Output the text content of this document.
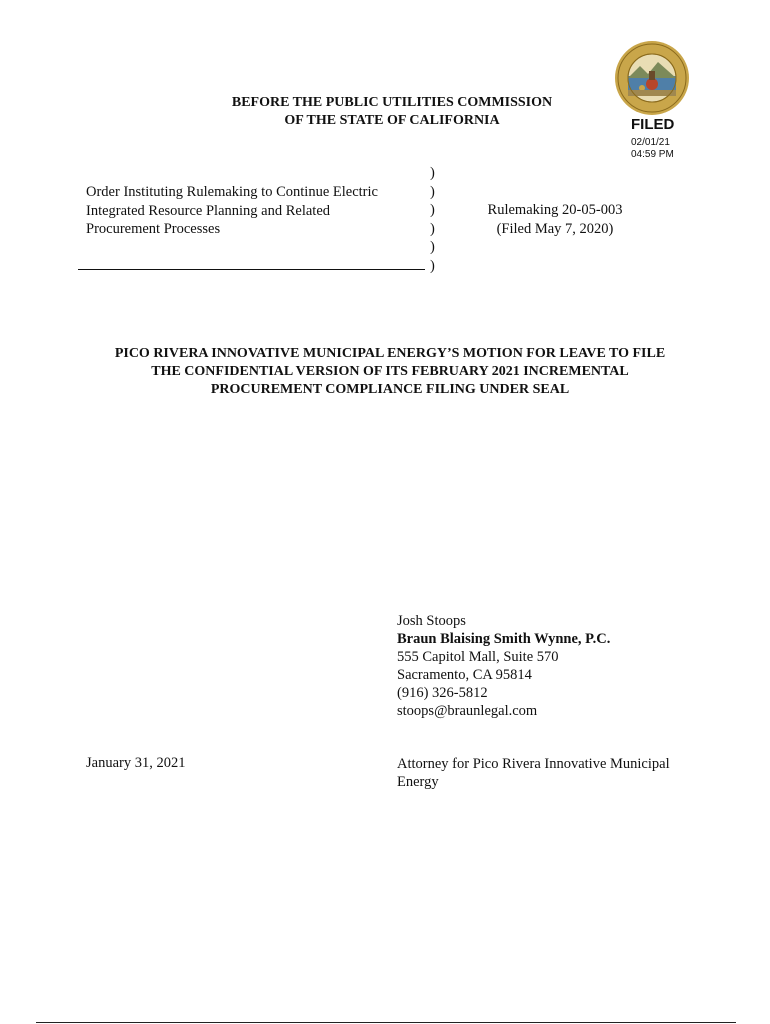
BEFORE THE PUBLIC UTILITIES COMMISSION
OF THE STATE OF CALIFORNIA	FILED
02/01/21
04:59 PM
Order Instituting Rulemaking to Continue Electric
Integrated Resource Planning and Related
Procurement Processes
)
)
)
)
)
)
Rulemaking 20-05-003
(Filed May 7, 2020)
PICO RIVERA INNOVATIVE MUNICIPAL ENERGY’S MOTION FOR LEAVE TO FILE
THE CONFIDENTIAL VERSION OF ITS FEBRUARY 2021 INCREMENTAL
PROCUREMENT COMPLIANCE FILING UNDER SEAL
Josh Stoops
Braun Blaising Smith Wynne, P.C.
555 Capitol Mall, Suite 570
Sacramento, CA 95814
(916) 326-5812
stoops@braunlegal.com
January 31, 2021	Attorney for Pico Rivera Innovative Municipal
Energy
